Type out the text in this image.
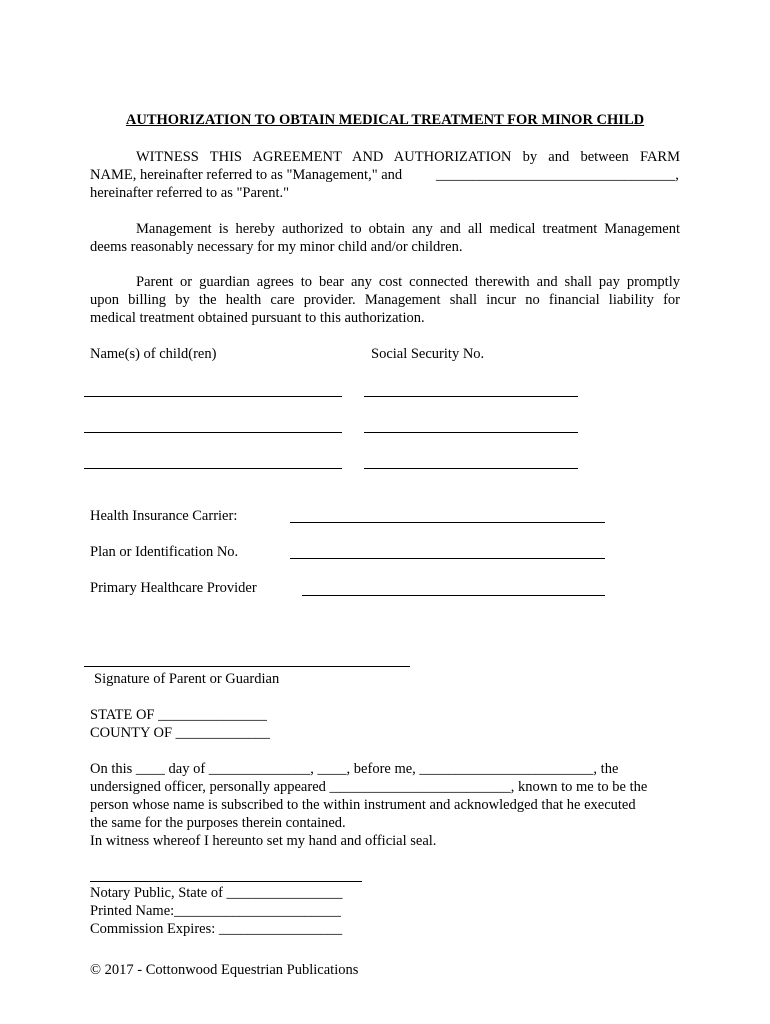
AUTHORIZATION TO OBTAIN MEDICAL TREATMENT FOR MINOR CHILD
WITNESS THIS AGREEMENT AND AUTHORIZATION by and between FARM
NAME, hereinafter referred to as "Management," and _________________________________,
hereinafter referred to as "Parent."
Management is hereby authorized to obtain any and all medical treatment Management
deems reasonably necessary for my minor child and/or children.
Parent or guardian agrees to bear any cost connected therewith and shall pay promptly
upon billing by the health care provider. Management shall incur no financial liability for
medical treatment obtained pursuant to this authorization.
Name(s) of child(ren)	Social Security No.
Health Insurance Carrier:
Plan or Identification No.
Primary Healthcare Provider
Signature of Parent or Guardian
STATE OF _______________
COUNTY OF _____________
On this ____ day of ______________, ____, before me, ________________________, the
undersigned officer, personally appeared _________________________, known to me to be the
person whose name is subscribed to the within instrument and acknowledged that he executed
the same for the purposes therein contained.
In witness whereof I hereunto set my hand and official seal.
Notary Public, State of ________________
Printed Name:_______________________
Commission Expires: _________________
© 2017 - Cottonwood Equestrian Publications
